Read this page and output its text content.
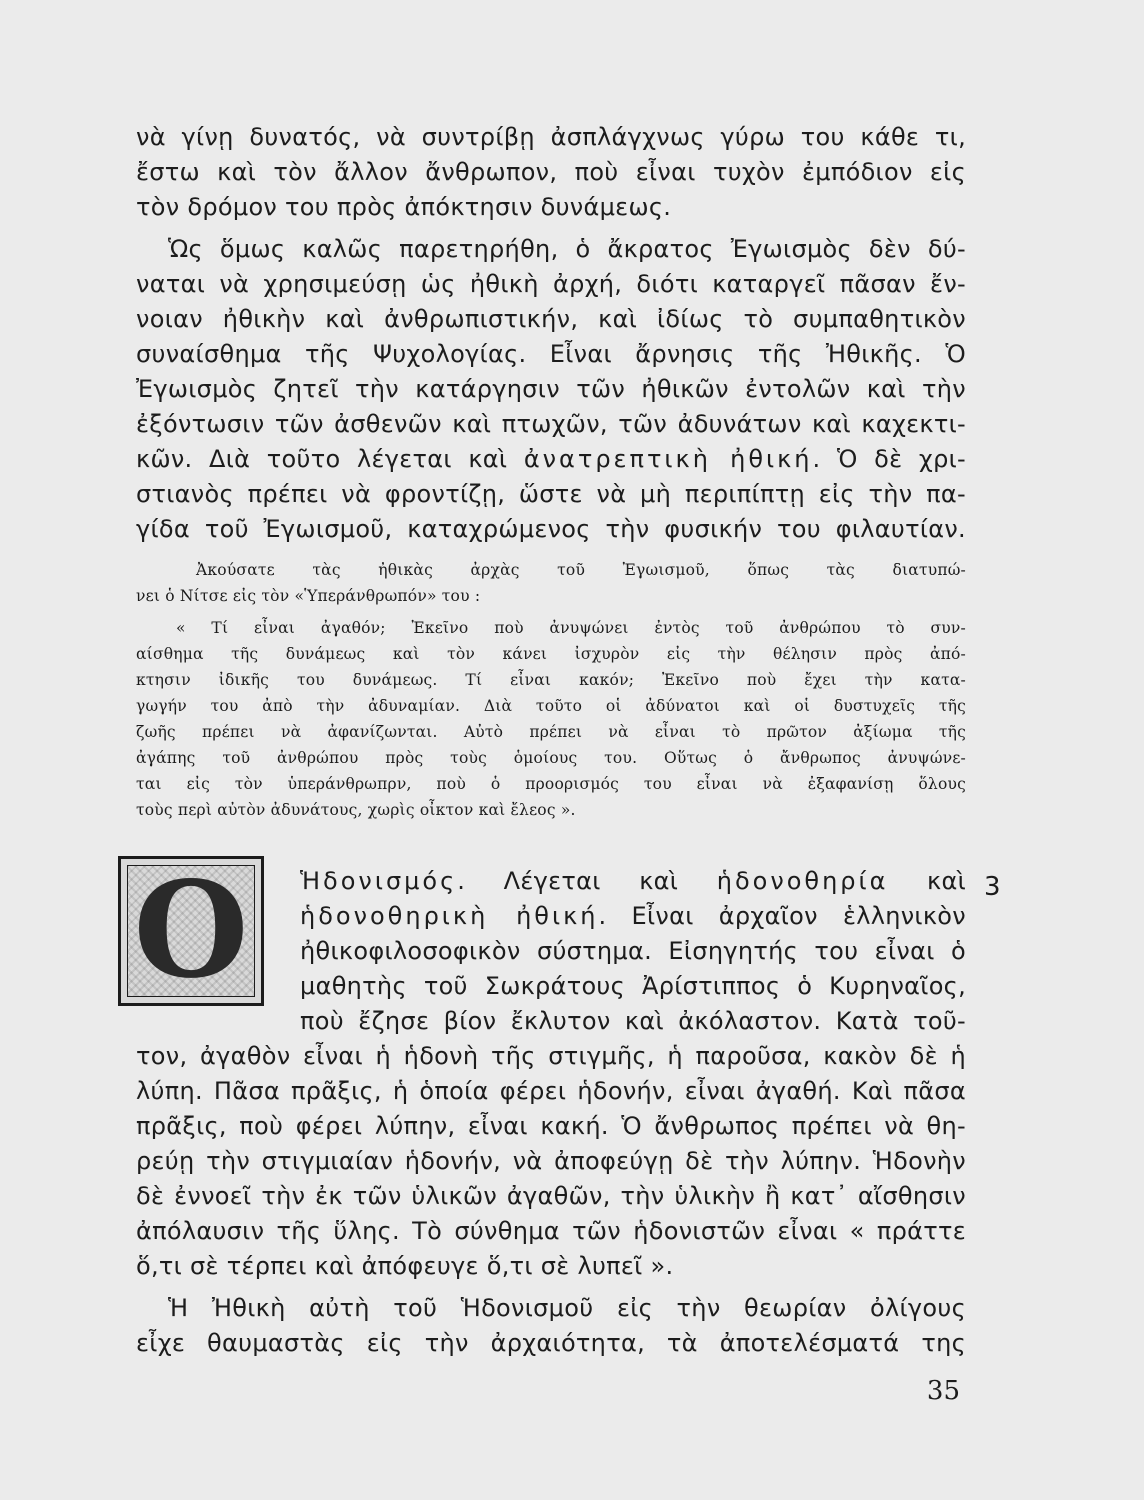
νὰ γίνῃ δυνατός, νὰ συντρίβῃ ἀσπλάγχνως γύρω του κάθε τι,
ἔστω καὶ τὸν ἄλλον ἄνθρωπον, ποὺ εἶναι τυχὸν ἐμπόδιον εἰς
τὸν δρόμον του πρὸς ἀπόκτησιν δυνάμεως.
Ὡς ὅμως καλῶς παρετηρήθη, ὁ ἄκρατος Ἐγωισμὸς δὲν δύ-
ναται νὰ χρησιμεύσῃ ὡς ἠθικὴ ἀρχή, διότι καταργεῖ πᾶσαν ἔν-
νοιαν ἠθικὴν καὶ ἀνθρωπιστικήν, καὶ ἰδίως τὸ συμπαθητικὸν
συναίσθημα τῆς Ψυχολογίας. Εἶναι ἄρνησις τῆς Ἠθικῆς. Ὁ
Ἐγωισμὸς ζητεῖ τὴν κατάργησιν τῶν ἠθικῶν ἐντολῶν καὶ τὴν
ἐξόντωσιν τῶν ἀσθενῶν καὶ πτωχῶν, τῶν ἀδυνάτων καὶ καχεκτι-
κῶν. Διὰ τοῦτο λέγεται καὶ ἀνατρεπτικὴ ἠθική. Ὁ δὲ χρι-
στιανὸς πρέπει νὰ φροντίζῃ, ὥστε νὰ μὴ περιπίπτῃ εἰς τὴν πα-
γίδα τοῦ Ἐγωισμοῦ, καταχρώμενος τὴν φυσικήν του φιλαυτίαν.
Ἀκούσατε τὰς ἠθικὰς ἀρχὰς τοῦ Ἐγωισμοῦ, ὅπως τὰς διατυπώ-
νει ὁ Νίτσε εἰς τὸν «Ὑπεράνθρωπόν» του :
« Τί εἶναι ἀγαθόν; Ἐκεῖνο ποὺ ἀνυψώνει ἐντὸς τοῦ ἀνθρώπου τὸ συν-
αίσθημα τῆς δυνάμεως καὶ τὸν κάνει ἰσχυρὸν εἰς τὴν θέλησιν πρὸς ἀπό-
κτησιν ἰδικῆς του δυνάμεως. Τί εἶναι κακόν; Ἐκεῖνο ποὺ ἔχει τὴν κατα-
γωγήν του ἀπὸ τὴν ἀδυναμίαν. Διὰ τοῦτο οἱ ἀδύνατοι καὶ οἱ δυστυχεῖς τῆς
ζωῆς πρέπει νὰ ἀφανίζωνται. Αὐτὸ πρέπει νὰ εἶναι τὸ πρῶτον ἀξίωμα τῆς
ἀγάπης τοῦ ἀνθρώπου πρὸς τοὺς ὁμοίους του. Οὕτως ὁ ἄνθρωπος ἀνυψώνε-
ται εἰς τὸν ὑπεράνθρωπρν, ποὺ ὁ προορισμός του εἶναι νὰ ἐξαφανίσῃ ὅλους
τοὺς περὶ αὐτὸν ἀδυνάτους, χωρὶς οἶκτον καὶ ἔλεος ».
O	3
Ἡδονισμός. Λέγεται καὶ ἡδονοθηρία καὶ
ἡδονοθηρικὴ ἠθική. Εἶναι ἀρχαῖον ἑλληνικὸν
ἠθικοφιλοσοφικὸν σύστημα. Εἰσηγητής του εἶναι ὁ
μαθητὴς τοῦ Σωκράτους Ἀρίστιππος ὁ Κυρηναῖος,
ποὺ ἔζησε βίον ἔκλυτον καὶ ἀκόλαστον. Κατὰ τοῦ-
τον, ἀγαθὸν εἶναι ἡ ἡδονὴ τῆς στιγμῆς, ἡ παροῦσα, κακὸν δὲ ἡ
λύπη. Πᾶσα πρᾶξις, ἡ ὁποία φέρει ἡδονήν, εἶναι ἀγαθή. Καὶ πᾶσα
πρᾶξις, ποὺ φέρει λύπην, εἶναι κακή. Ὁ ἄνθρωπος πρέπει νὰ θη-
ρεύῃ τὴν στιγμιαίαν ἡδονήν, νὰ ἀποφεύγῃ δὲ τὴν λύπην. Ἡδονὴν
δὲ ἐννοεῖ τὴν ἐκ τῶν ὑλικῶν ἀγαθῶν, τὴν ὑλικὴν ἢ κατ᾽ αἴσθησιν
ἀπόλαυσιν τῆς ὕλης. Τὸ σύνθημα τῶν ἡδονιστῶν εἶναι « πράττε
ὅ,τι σὲ τέρπει καὶ ἀπόφευγε ὅ,τι σὲ λυπεῖ ».
Ἡ Ἠθικὴ αὐτὴ τοῦ Ἡδονισμοῦ εἰς τὴν θεωρίαν ὀλίγους
εἶχε θαυμαστὰς εἰς τὴν ἀρχαιότητα, τὰ ἀποτελέσματά της
35
